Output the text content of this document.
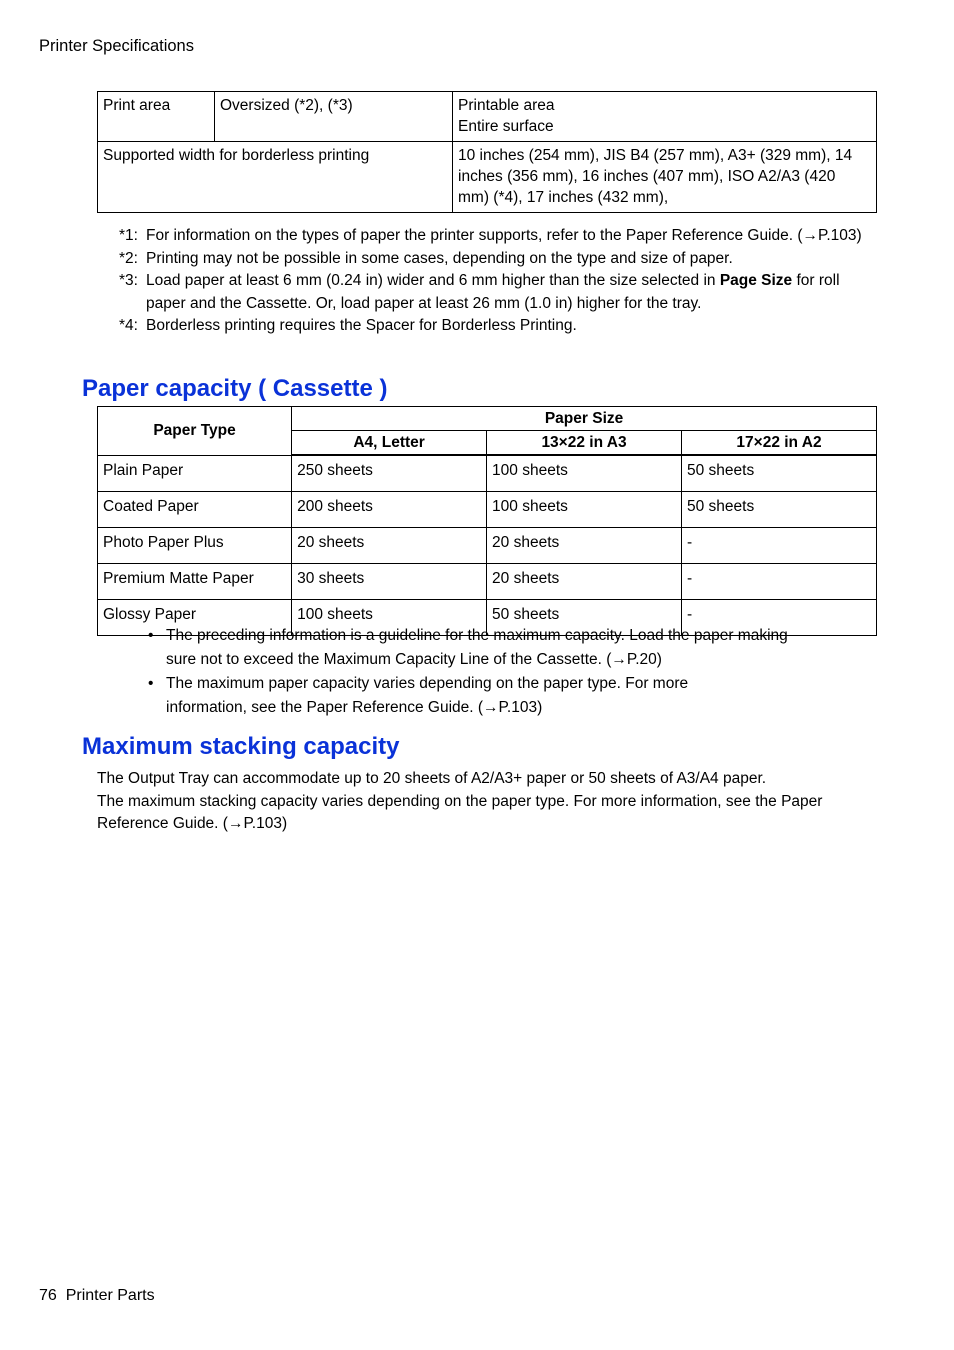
Printer Specifications
Print area	Oversized (*2), (*3)	Printable area
Entire surface

Supported width for borderless printing		10 inches (254 mm), JIS B4 (257 mm), A3+ (329 mm), 14
inches (356 mm), 16 inches (407 mm), ISO A2/A3 (420
mm) (*4), 17 inches (432 mm),
*1: For information on the types of paper the printer supports, refer to the Paper Reference Guide. (→P.103)
*2: Printing may not be possible in some cases, depending on the type and size of paper.
*3: Load paper at least 6 mm (0.24 in) wider and 6 mm higher than the size selected in Page Size for roll paper and the Cassette. Or, load paper at least 26 mm (1.0 in) higher for the tray.
*4: Borderless printing requires the Spacer for Borderless Printing.
Paper capacity ( Cassette )
Paper Type	Paper Size		
	A4, Letter	13×22 in A3	17×22 in A2
Plain Paper	250 sheets	100 sheets	50 sheets
Coated Paper	200 sheets	100 sheets	50 sheets
Photo Paper Plus	20 sheets	20 sheets	-
Premium Matte Paper	30 sheets	20 sheets	-
Glossy Paper	100 sheets	50 sheets	-
• The preceding information is a guideline for the maximum capacity. Load the paper making
sure not to exceed the Maximum Capacity Line of the Cassette. (→P.20)
• The maximum paper capacity varies depending on the paper type. For more
information, see the Paper Reference Guide. (→P.103)
Maximum stacking capacity
The Output Tray can accommodate up to 20 sheets of A2/A3+ paper or 50 sheets of A3/A4 paper.
The maximum stacking capacity varies depending on the paper type. For more information, see the Paper Reference Guide. (→P.103)
76 Printer Parts
